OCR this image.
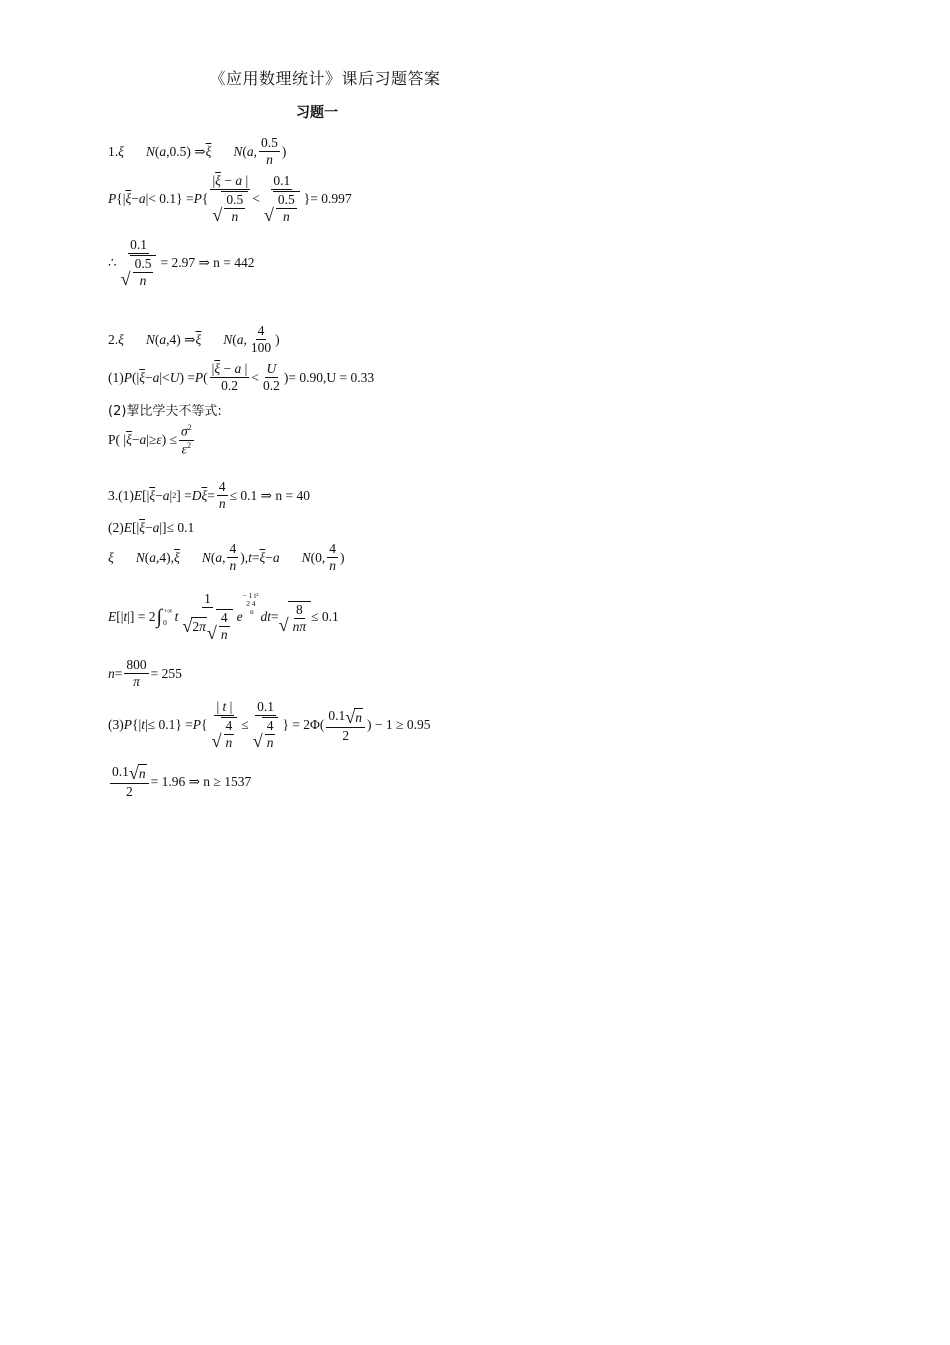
《应用数理统计》课后习题答案
习题一
1. ξ N ( a ,0.5) ⇒ $\overline{\xi}$ N ( a , $\frac{0.5}{n}$ )
P {| $\overline{\xi} - a$ |< 0.1} = P { $\frac{|\overline{\xi} - a |}{√ \frac{0.5}{n}} < \frac{0.1}{√ \frac{0.5}{n}}$ } = 0.997
∴ $\frac{0.1}{√ \frac{0.5}{n}} = 2.97$ ⇒ n = 442
2. ξ N ( a ,4) ⇒ $\overline{\xi}$ N ( a , $\frac{4}{100}$ )
(1) P (| $\overline{\xi} - a$ |< U ) = P ( $\frac{|\overline{\xi} - a |}{0.2} < \frac{U}{0.2}$ ) = 0.90,U = 0.33
(2)挈比学夫不等式:
P( | $\overline{\xi} - a$ |≥ ε ) ≤ $\frac{\sigma^2}{\varepsilon^2}$
3.(1) E [| $\overline{\xi} - a$ | 2 ] = D $\overline{\xi} = \frac{4}{n} \le 0.1$ ⇒ n = 40
(2) E [| $\overline{\xi} - a$ |] ≤ 0.1
ξ N ( a ,4), $\overline{\xi}$ N ( a , $\frac{4}{n}$ ), $t = \overline{\xi} - a$ N (0, $\frac{4}{n}$ )
E [| t |] = 2 ∫ +∞
0 t $\frac{1}{√ 2 \pi √ \frac{4}{n}}$ e
− 1 t²
2 4
n dt = √ $\frac{8}{n\pi} \le 0.1$
$n = \frac{800}{\pi} = 255$
(3) P {| t |≤ 0.1} = P { $\frac{| t |}{√ \frac{4}{n}} \le \frac{0.1}{√ \frac{4}{n}}$ } = $2\Phi( \frac{0.1 √ n}{2}$ ) − 1 ≥ 0.95
$\frac{0.1 √ n}{2} = 1.96$ ⇒ n ≥ 1537
